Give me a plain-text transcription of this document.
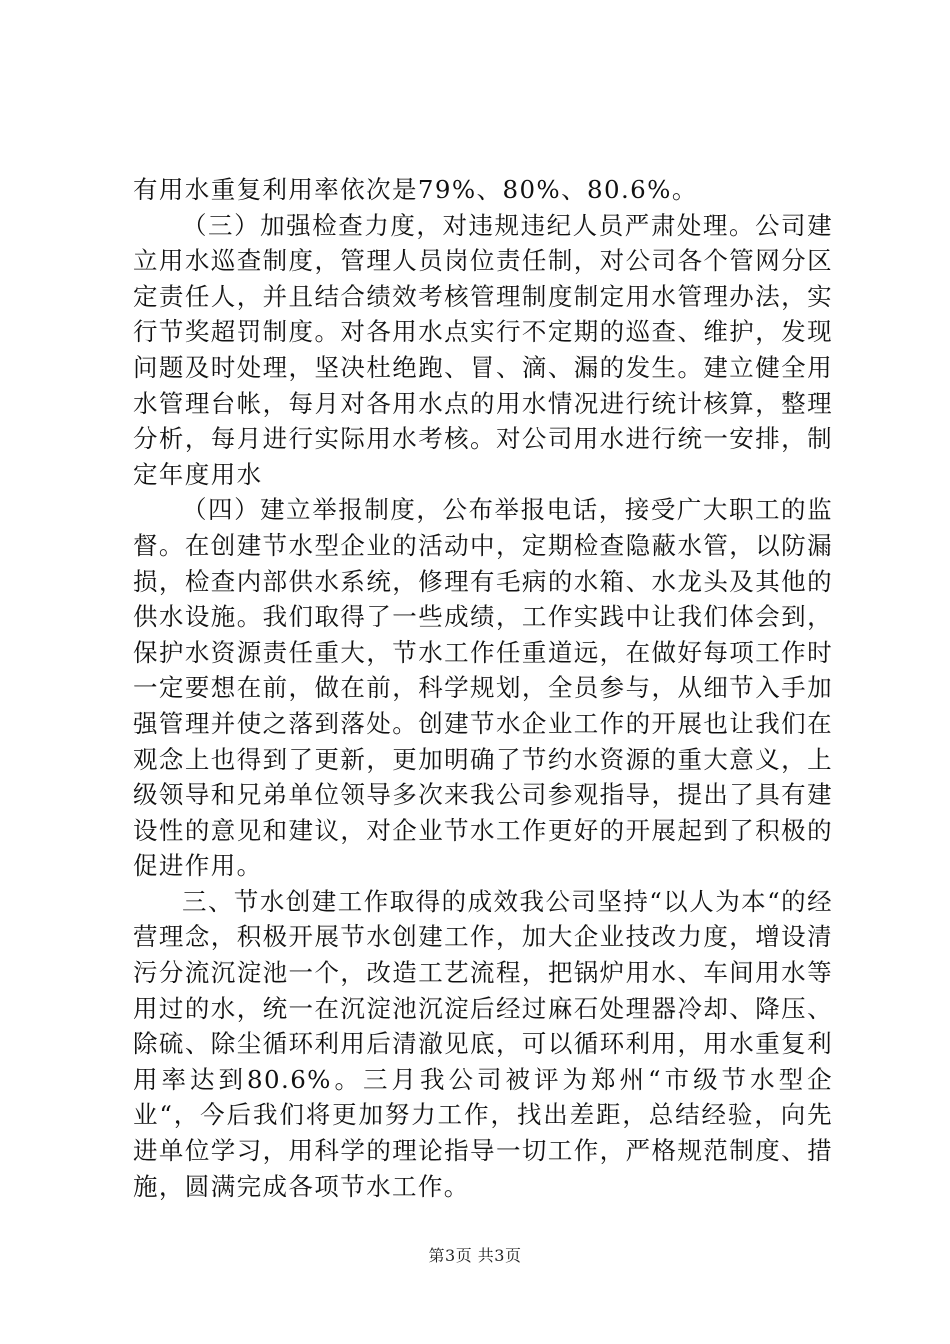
有用水重复利用率依次是79%、80%、80.6%。

（三）加强检查力度，对违规违纪人员严肃处理。公司建立用水巡查制度，管理人员岗位责任制，对公司各个管网分区定责任人，并且结合绩效考核管理制度制定用水管理办法，实行节奖超罚制度。对各用水点实行不定期的巡查、维护，发现问题及时处理，坚决杜绝跑、冒、滴、漏的发生。建立健全用水管理台帐，每月对各用水点的用水情况进行统计核算，整理分析，每月进行实际用水考核。对公司用水进行统一安排，制定年度用水

（四）建立举报制度，公布举报电话，接受广大职工的监督。在创建节水型企业的活动中，定期检查隐蔽水管，以防漏损，检查内部供水系统，修理有毛病的水箱、水龙头及其他的供水设施。我们取得了一些成绩，工作实践中让我们体会到，保护水资源责任重大，节水工作任重道远，在做好每项工作时一定要想在前，做在前，科学规划，全员参与，从细节入手加强管理并使之落到落处。创建节水企业工作的开展也让我们在观念上也得到了更新，更加明确了节约水资源的重大意义，上级领导和兄弟单位领导多次来我公司参观指导，提出了具有建设性的意见和建议，对企业节水工作更好的开展起到了积极的促进作用。

三、节水创建工作取得的成效我公司坚持“以人为本“的经营理念，积极开展节水创建工作，加大企业技改力度，增设清污分流沉淀池一个，改造工艺流程，把锅炉用水、车间用水等用过的水，统一在沉淀池沉淀后经过麻石处理器冷却、降压、除硫、除尘循环利用后清澈见底，可以循环利用，用水重复利用率达到80.6%。三月我公司被评为郑州“市级节水型企业“，今后我们将更加努力工作，找出差距，总结经验，向先进单位学习，用科学的理论指导一切工作，严格规范制度、措施，圆满完成各项节水工作。

第3页 共3页
